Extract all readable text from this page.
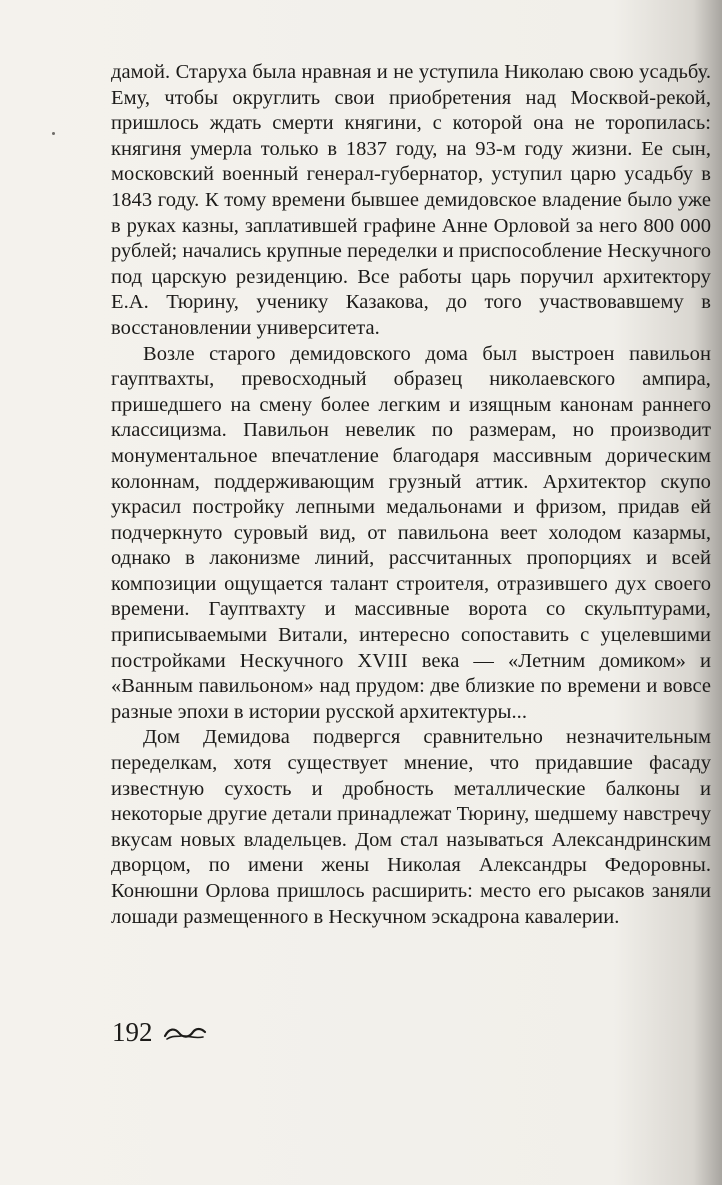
дамой. Старуха была нравная и не уступила Николаю свою усадьбу. Ему, чтобы округлить свои приобретения над Москвой-рекой, пришлось ждать смерти княгини, с которой она не торопилась: княгиня умерла только в 1837 году, на 93-м году жизни. Ее сын, московский военный генерал-губернатор, уступил царю усадьбу в 1843 году. К тому времени бывшее демидовское владение было уже в руках казны, заплатившей графине Анне Орловой за него 800 000 рублей; начались крупные переделки и приспособление Нескучного под царскую резиденцию. Все работы царь поручил архитектору Е.А. Тюрину, ученику Казакова, до того участвовавшему в восстановлении университета.

Возле старого демидовского дома был выстроен павильон гауптвахты, превосходный образец николаевского ампира, пришедшего на смену более легким и изящным канонам раннего классицизма. Павильон невелик по размерам, но производит монументальное впечатление благодаря массивным дорическим колоннам, поддерживающим грузный аттик. Архитектор скупо украсил постройку лепными медальонами и фризом, придав ей подчеркнуто суровый вид, от павильона веет холодом казармы, однако в лаконизме линий, рассчитанных пропорциях и всей композиции ощущается талант строителя, отразившего дух своего времени. Гауптвахту и массивные ворота со скульптурами, приписываемыми Витали, интересно сопоставить с уцелевшими постройками Нескучного XVIII века — «Летним домиком» и «Ванным павильоном» над прудом: две близкие по времени и вовсе разные эпохи в истории русской архитектуры...

Дом Демидова подвергся сравнительно незначительным переделкам, хотя существует мнение, что придавшие фасаду известную сухость и дробность металлические балконы и некоторые другие детали принадлежат Тюрину, шедшему навстречу вкусам новых владельцев. Дом стал называться Александринским дворцом, по имени жены Николая Александры Федоровны. Конюшни Орлова пришлось расширить: место его рысаков заняли лошади размещенного в Нескучном эскадрона кавалерии.

192
